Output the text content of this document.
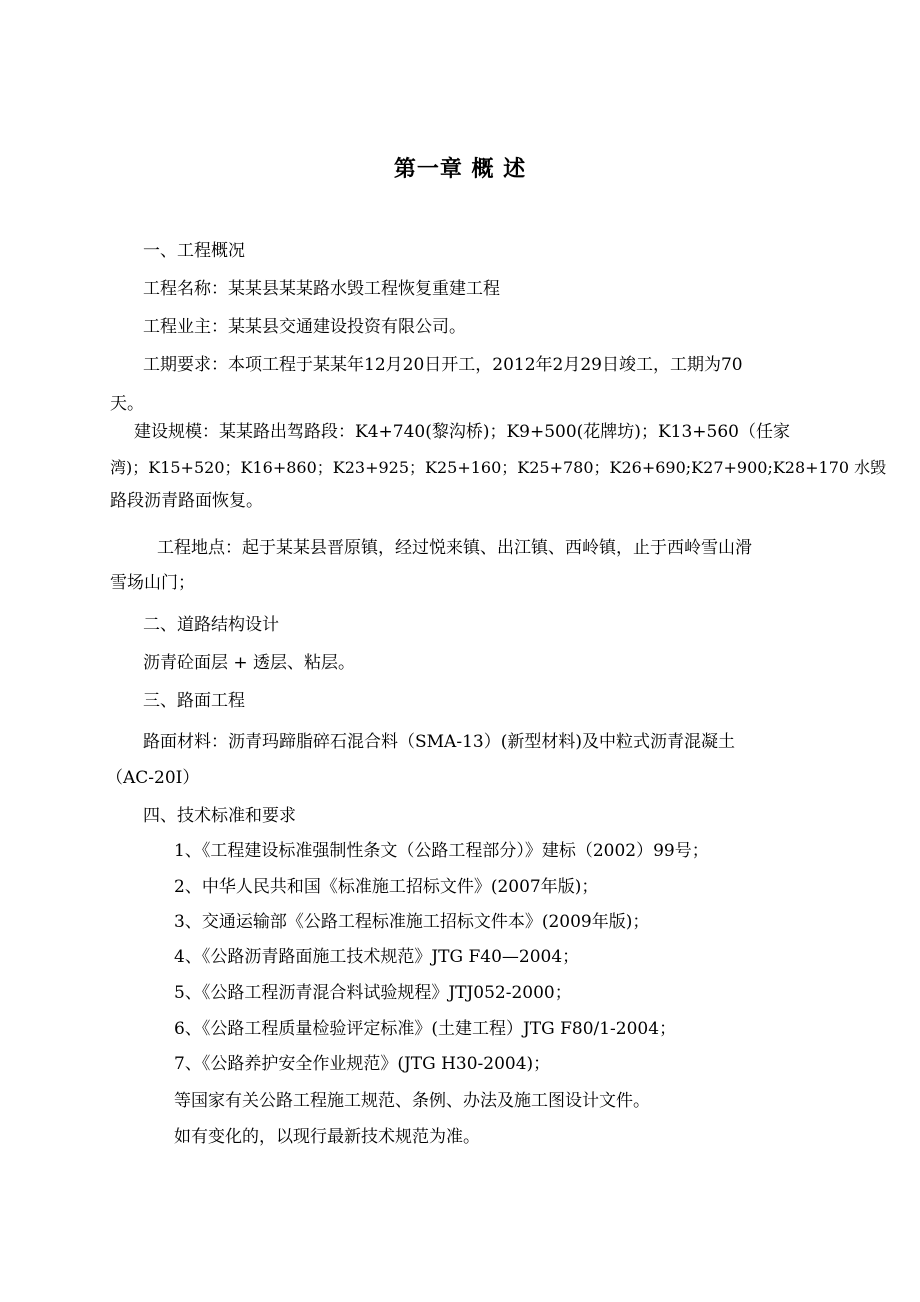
第一章 概 述
一、工程概况
工程名称：某某县某某路水毁工程恢复重建工程
工程业主：某某县交通建设投资有限公司。
工期要求：本项工程于某某年12月20日开工，2012年2月29日竣工，工期为70
天。
建设规模：某某路出驾路段：K4+740(黎沟桥)；K9+500(花牌坊)；K13+560（任家
湾)；K15+520；K16+860；K23+925；K25+160；K25+780；K26+690;K27+900;K28+170 水毁
路段沥青路面恢复。
工程地点：起于某某县晋原镇，经过悦来镇、出江镇、西岭镇，止于西岭雪山滑
雪场山门；
二、道路结构设计
沥青砼面层 + 透层、粘层。
三、路面工程
路面材料：沥青玛蹄脂碎石混合料（SMA-13）(新型材料)及中粒式沥青混凝土
（AC-20I）
四、技术标准和要求
1、《工程建设标准强制性条文（公路工程部分）》建标（2002）99号；
2、中华人民共和国《标准施工招标文件》(2007年版)；
3、交通运输部《公路工程标准施工招标文件本》(2009年版)；
4、《公路沥青路面施工技术规范》JTG F40—2004；
5、《公路工程沥青混合料试验规程》JTJ052-2000；
6、《公路工程质量检验评定标准》(土建工程）JTG F80/1-2004；
7、《公路养护安全作业规范》(JTG H30-2004)；
等国家有关公路工程施工规范、条例、办法及施工图设计文件。
如有变化的，以现行最新技术规范为准。
